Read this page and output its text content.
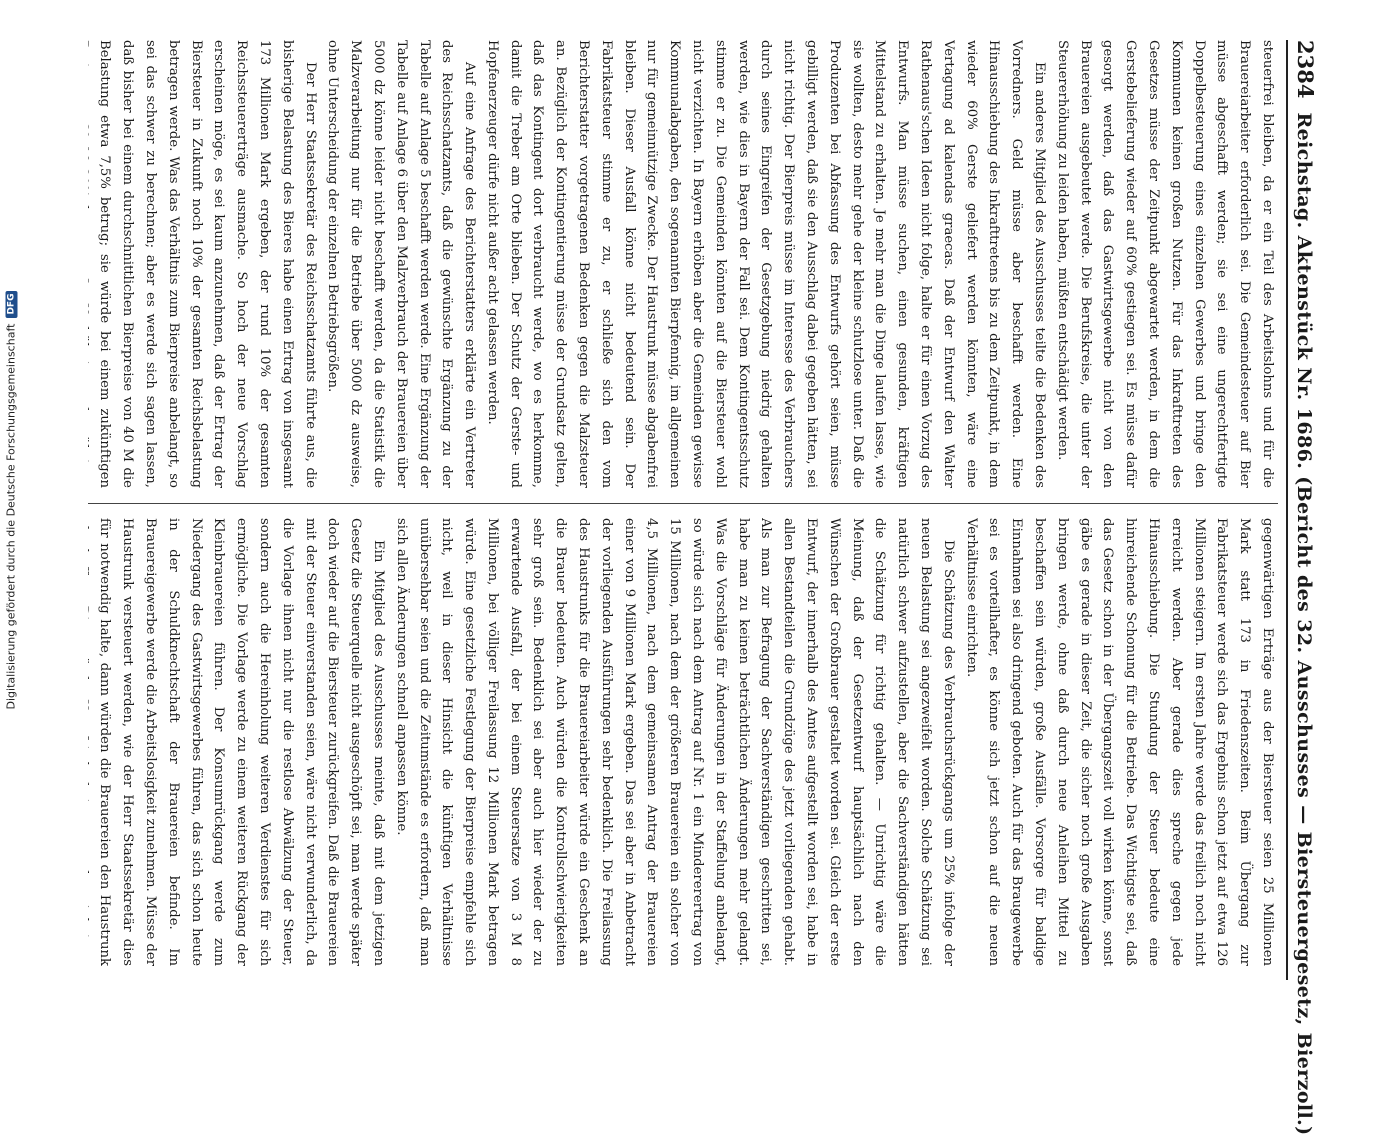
Digitalisierung gefördert durch die Deutsche Forschungsgemeinschaft
DFG
2384
Reichstag. Aktenstück Nr. 1686. (Bericht des 32. Ausschusses — Biersteuergesetz, Bierzoll.)

steuerfrei bleiben, da er ein Teil des Arbeitslohns und für die Brauereiarbeiter erforderlich sei. Die Gemeindesteuer auf Bier müsse abgeschafft werden; sie sei eine ungerechtfertigte Doppelbesteuerung eines einzelnen Gewerbes und bringe den Kommunen keinen großen Nutzen. Für das Inkrafttreten des Gesetzes müsse der Zeitpunkt abgewartet werden, in dem die Gerstebelieferung wieder auf 60% gestiegen sei. Es müsse dafür gesorgt werden, daß das Gastwirtsgewerbe nicht von den Brauereien ausgebeutet werde. Die Berufskreise, die unter der Steuererhöhung zu leiden haben, müßten entschädigt werden.

Ein anderes Mitglied des Ausschusses teilte die Bedenken des Vorredners. Geld müsse aber beschafft werden. Eine Hinausschiebung des Inkrafttretens bis zu dem Zeitpunkt, in dem wieder 60% Gerste geliefert werden könnten, wäre eine Vertagung ad kalendas graecas. Daß der Entwurf den Walter Rathenaus'schen Ideen nicht folge, halte er für einen Vorzug des Entwurfs. Man müsse suchen, einen gesunden, kräftigen Mittelstand zu erhalten. Je mehr man die Dinge laufen lasse, wie sie wollten, desto mehr gehe der kleine schutzlose unter. Daß die Produzenten bei Abfassung des Entwurfs gehört seien, müsse gebilligt werden, daß sie den Ausschlag dabei gegeben hätten, sei nicht richtig. Der Bierpreis müsse im Interesse des Verbrauchers durch seines Eingreifen der Gesetzgebung niedrig gehalten werden, wie dies in Bayern der Fall sei. Dem Kontingentsschutz stimme er zu. Die Gemeinden könnten auf die Biersteuer wohl nicht verzichten. In Bayern erhöben aber die Gemeinden gewisse Kommunalabgaben, den sogenannten Bierpfennig, im allgemeinen nur für gemeinnützige Zwecke. Der Haustrunk müsse abgabenfrei bleiben. Dieser Ausfall könne nicht bedeutend sein. Der Fabrikatsteuer stimme er zu, er schließe sich den vom Berichterstatter vorgetragenen Bedenken gegen die Malzsteuer an. Bezüglich der Kontingentierung müsse der Grundsatz gelten, daß das Kontingent dort verbraucht werde, wo es herkomme, damit die Treber am Orte blieben. Der Schutz der Gerste- und Hopfenerzeuger dürfe nicht außer acht gelassen werden.

Auf eine Anfrage des Berichterstatters erklärte ein Vertreter des Reichsschatzamts, daß die gewünschte Ergänzung zu der Tabelle auf Anlage 5 beschafft werden werde. Eine Ergänzung der Tabelle auf Anlage 6 über den Malzverbrauch der Brauereien über 5000 dz könne leider nicht beschafft werden, da die Statistik die Malzverarbeitung nur für die Betriebe über 5000 dz ausweise, ohne Unterscheidung der einzelnen Betriebsgrößen.

Der Herr Staatssekretär des Reichsschatzamts führte aus, die bisherige Belastung des Bieres habe einen Ertrag von insgesamt 173 Millionen Mark ergeben, der rund 10% der gesamten Reichssteuererträge ausmache. So hoch der neue Vorschlag erscheinen möge, es sei kaum anzunehmen, daß der Ertrag der Biersteuer in Zukunft noch 10% der gesamten Reichsbelastung betragen werde. Was das Verhältnis zum Bierpreise anbelangt, so sei das schwer zu berechnen; aber es werde sich sagen lassen, daß bisher bei einem durchschnittlichen Bierpreise von 40 M die Belastung etwa 7,5% betrug; sie würde bei einem zukünftigen

gegenwärtigen Erträge aus der Biersteuer seien 25 Millionen Mark statt 173 in Friedenszeiten. Beim Übergang zur Fabrikatsteuer werde sich das Ergebnis schon jetzt auf etwa 126 Millionen steigern. Im ersten Jahre werde das freilich noch nicht erreicht werden. Aber gerade dies spreche gegen jede Hinausschiebung. Die Stundung der Steuer bedeute eine hinreichende Schonung für die Betriebe. Das Wichtigste sei, daß das Gesetz schon in der Übergangszeit voll wirken könne, sonst gäbe es gerade in dieser Zeit, die sicher noch große Ausgaben bringen werde, ohne daß durch neue Anleihen Mittel zu beschaffen sein würden, große Ausfälle. Vorsorge für baldige Einnahmen sei also dringend geboten. Auch für das Braugewerbe sei es vorteilhafter, es könne sich jetzt schon auf die neuen Verhältnisse einrichten.

Die Schätzung des Verbrauchsrückgangs um 25% infolge der neuen Belastung sei angezweifelt worden. Solche Schätzung sei natürlich schwer aufzustellen, aber die Sachverständigen hätten die Schätzung für richtig gehalten. — Unrichtig wäre die Meinung, daß der Gesetzentwurf hauptsächlich nach den Wünschen der Großbrauer gestaltet worden sei. Gleich der erste Entwurf, der innerhalb des Amtes aufgestellt worden sei, habe in allen Bestandteilen die Grundzüge des jetzt vorliegenden gehabt. Als man zur Befragung der Sachverständigen geschritten sei, habe man zu keinen beträchtlichen Änderungen mehr gelangt. Was die Vorschläge für Änderungen in der Staffelung anbelangt, so würde sich nach dem Antrag auf Nr. 1 ein Mindererertrag von 15 Millionen, nach dem der größeren Brauereien ein solcher von 4,5 Millionen, nach dem gemeinsamen Antrag der Brauereien einer von 9 Millionen Mark ergeben. Das sei aber in Anbetracht der vorliegenden Ausführungen sehr bedenklich. Die Freilassung des Haustrunks für die Brauereiarbeiter würde ein Geschenk an die Brauer bedeuten. Auch würden die Kontrollschwierigkeiten sehr groß sein. Bedenklich sei aber auch hier wieder der zu erwartende Ausfall, der bei einem Steuersatze von 3 M 8 Millionen, bei völliger Freilassung 12 Millionen Mark betragen würde. Eine gesetzliche Festlegung der Bierpreise empfehle sich nicht, weil in dieser Hinsicht die künftigen Verhältnisse unübersehbar seien und die Zeitumstände es erfordern, daß man sich allen Änderungen schnell anpassen könne.

Ein Mitglied des Ausschusses meinte, daß mit dem jetzigen Gesetz die Steuerquelle nicht ausgeschöpft sei, man werde später doch wieder auf die Biersteuer zurückgreifen. Daß die Brauereien mit der Steuer einverstanden seien, wäre nicht verwunderlich, da die Vorlage ihnen nicht nur die restlose Abwälzung der Steuer, sondern auch die Hereinholung weiteren Verdienstes für sich ermögliche. Die Vorlage werde zu einem weiteren Rückgang der Kleinbrauereien führen. Der Konsumrückgang werde zum Niedergang des Gastwirtsgewerbes führen, das sich schon heute in der Schuldknechtschaft der Brauereien befinde. Im Brauereigewerbe werde die Arbeitslosigkeit zunehmen. Müsse der Haustrunk versteuert werden, wie der Herr Staatssekretär dies für notwendig halte, dann würden die Brauereien den Haustrunk
